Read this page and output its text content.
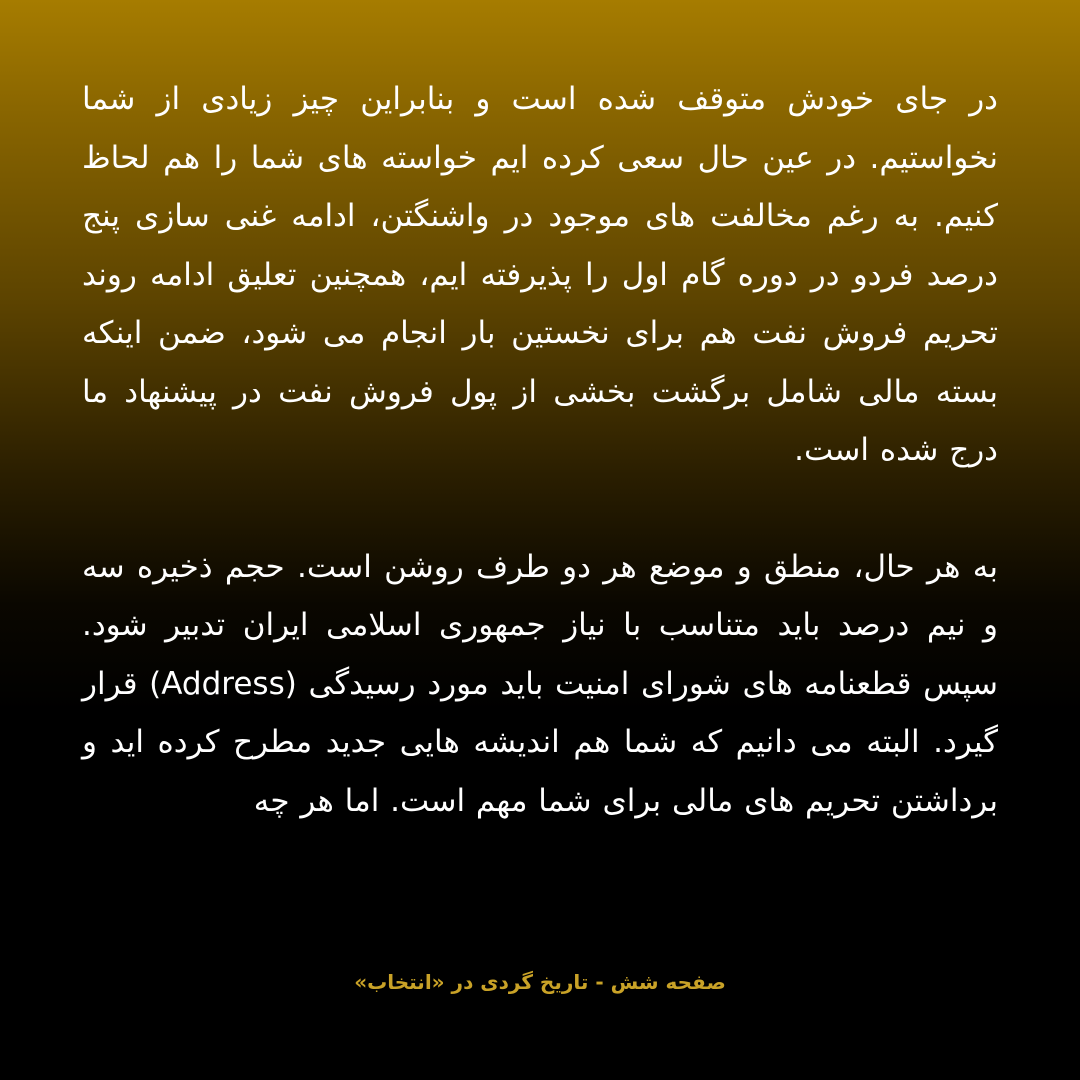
در جای خودش متوقف شده است و بنابراین چیز زیادی از شما نخواستیم. در عین حال سعی کرده ایم خواسته های شما را هم لحاظ کنیم. به رغم مخالفت های موجود در واشنگتن، ادامه غنی سازی پنج درصد فردو در دوره گام اول را پذیرفته ایم، همچنین تعلیق ادامه روند تحریم فروش نفت هم برای نخستین بار انجام می شود، ضمن اینکه بسته مالی شامل برگشت بخشی از پول فروش نفت در پیشنهاد ما درج شده است.

به هر حال، منطق و موضع هر دو طرف روشن است. حجم ذخیره سه و نیم درصد باید متناسب با نیاز جمهوری اسلامی ایران تدبیر شود. سپس قطعنامه های شورای امنیت باید مورد رسیدگی (Address) قرار گیرد. البته می دانیم که شما هم اندیشه هایی جدید مطرح کرده اید و برداشتن تحریم های مالی برای شما مهم است. اما هر چه

صفحه شش - تاریخ گردی در «انتخاب»
